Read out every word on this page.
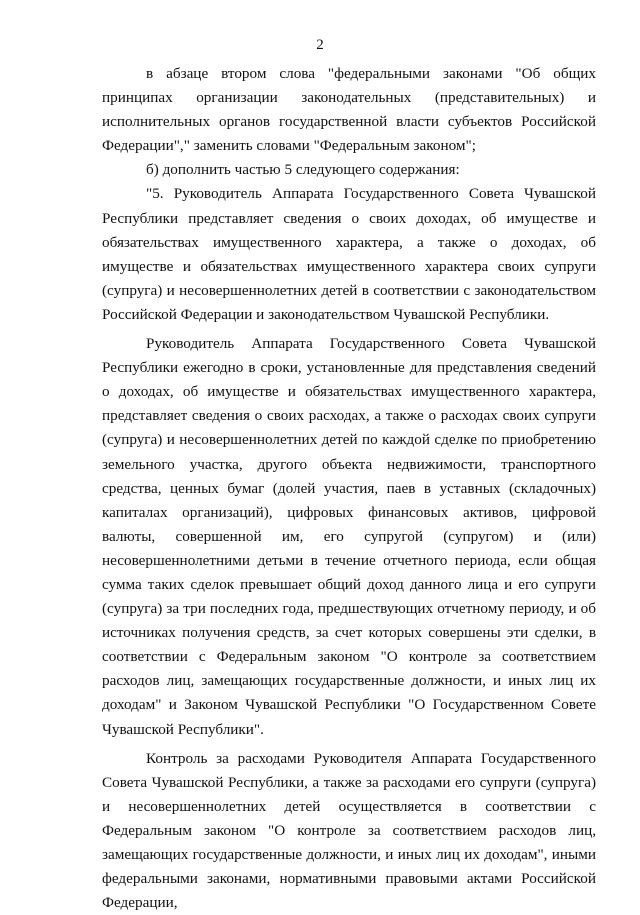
2

в абзаце втором слова "федеральными законами "Об общих принципах организации законодательных (представительных) и исполнительных органов государственной власти субъектов Российской Федерации"," заменить словами "Федеральным законом";

б) дополнить частью 5 следующего содержания:

"5. Руководитель Аппарата Государственного Совета Чувашской Республики представляет сведения о своих доходах, об имуществе и обязательствах имущественного характера, а также о доходах, об имуществе и обязательствах имущественного характера своих супруги (супруга) и несовершеннолетних детей в соответствии с законодательством Российской Федерации и законодательством Чувашской Республики.

Руководитель Аппарата Государственного Совета Чувашской Республики ежегодно в сроки, установленные для представления сведений о доходах, об имуществе и обязательствах имущественного характера, представляет сведения о своих расходах, а также о расходах своих супруги (супруга) и несовершеннолетних детей по каждой сделке по приобретению земельного участка, другого объекта недвижимости, транспортного средства, ценных бумаг (долей участия, паев в уставных (складочных) капиталах организаций), цифровых финансовых активов, цифровой валюты, совершенной им, его супругой (супругом) и (или) несовершеннолетними детьми в течение отчетного периода, если общая сумма таких сделок превышает общий доход данного лица и его супруги (супруга) за три последних года, предшествующих отчетному периоду, и об источниках получения средств, за счет которых совершены эти сделки, в соответствии с Федеральным законом "О контроле за соответствием расходов лиц, замещающих государственные должности, и иных лиц их доходам" и Законом Чувашской Республики "О Государственном Совете Чувашской Республики".

Контроль за расходами Руководителя Аппарата Государственного Совета Чувашской Республики, а также за расходами его супруги (супруга) и несовершеннолетних детей осуществляется в соответствии с Федеральным законом "О контроле за соответствием расходов лиц, замещающих государственные должности, и иных лиц их доходам", иными федеральными законами, нормативными правовыми актами Российской Федерации,
